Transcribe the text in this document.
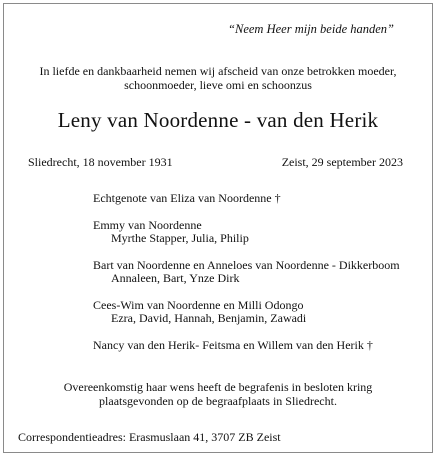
“Neem Heer mijn beide handen”
In liefde en dankbaarheid nemen wij afscheid van onze betrokken moeder,
schoonmoeder, lieve omi en schoonzus
Leny van Noordenne - van den Herik
Sliedrecht, 18 november 1931	Zeist, 29 september 2023
Echtgenote van Eliza van Noordenne †
Emmy van Noordenne
Myrthe Stapper, Julia, Philip
Bart van Noordenne en Anneloes van Noordenne - Dikkerboom
Annaleen, Bart, Ynze Dirk
Cees-Wim van Noordenne en Milli Odongo
Ezra, David, Hannah, Benjamin, Zawadi
Nancy van den Herik- Feitsma en Willem van den Herik †
Overeenkomstig haar wens heeft de begrafenis in besloten kring
plaatsgevonden op de begraafplaats in Sliedrecht.
Correspondentieadres: Erasmuslaan 41, 3707 ZB Zeist
